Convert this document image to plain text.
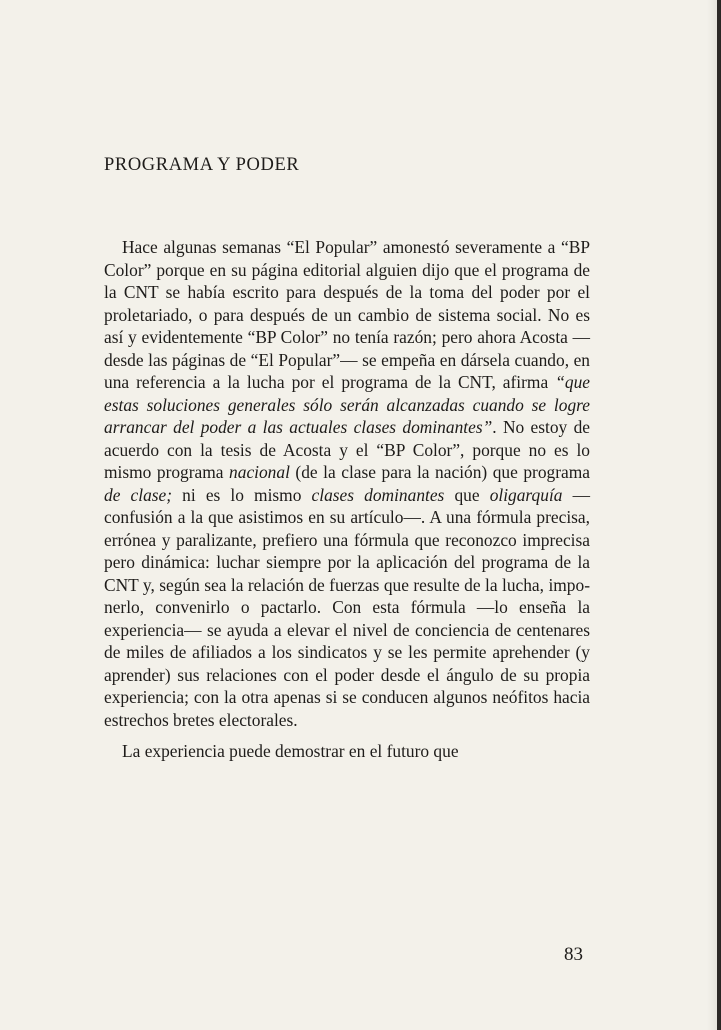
PROGRAMA Y PODER

Hace algunas semanas “El Popular” amonestó severamente a “BP Color” porque en su página editorial alguien dijo que el programa de la CNT se había escrito para después de la toma del poder por el proletariado, o para después de un cambio de sistema social. No es así y evidentemente “BP Color” no tenía razón; pero ahora Acosta —desde las páginas de “El Popular”— se empeña en dársela cuando, en una referencia a la lucha por el programa de la CNT, afirma “que estas soluciones generales sólo serán alcanzadas cuando se logre arrancar del poder a las actuales clases dominantes”. No estoy de acuerdo con la tesis de Acosta y el “BP Color”, porque no es lo mismo programa nacional (de la clase para la nación) que programa de clase; ni es lo mismo clases dominantes que oligarquía —confusión a la que asistimos en su artículo—. A una fórmula precisa, errónea y paralizante, prefiero una fórmula que reconozco imprecisa pero dinámica: luchar siempre por la aplicación del programa de la CNT y, según sea la relación de fuerzas que resulte de la lucha, imponerlo, convenirlo o pactarlo. Con esta fórmula —lo enseña la experiencia— se ayuda a elevar el nivel de conciencia de centenares de miles de afiliados a los sindicatos y se les permite aprehender (y aprender) sus relaciones con el poder desde el ángulo de su propia experiencia; con la otra apenas si se conducen algunos neófitos hacia estrechos bretes electorales.

La experiencia puede demostrar en el futuro que

83
